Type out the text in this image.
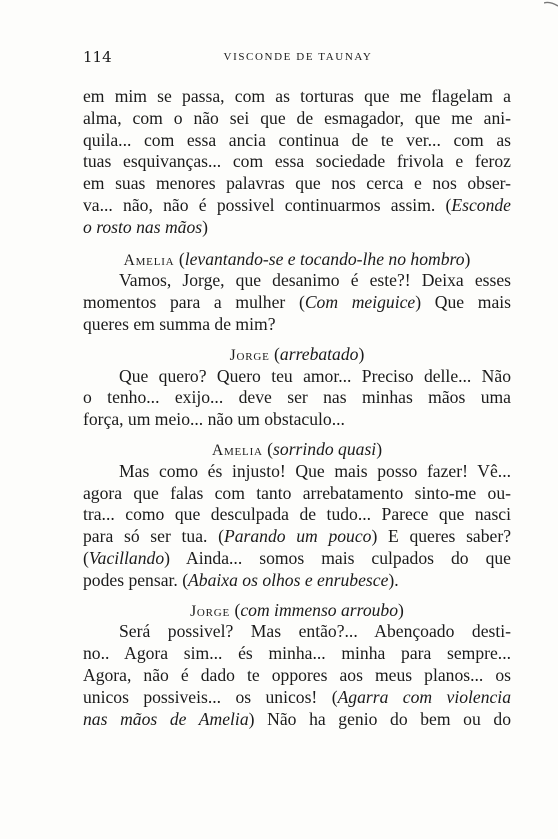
114	VISCONDE DE TAUNAY
em mim se passa, com as torturas que me flagelam a
alma, com o não sei que de esmagador, que me ani-
quila... com essa ancia continua de te ver... com as
tuas esquivanças... com essa sociedade frivola e feroz
em suas menores palavras que nos cerca e nos obser-
va... não, não é possivel continuarmos assim. (Esconde
o rosto nas mãos)
Amelia (levantando-se e tocando-lhe no hombro)
Vamos, Jorge, que desanimo é este?! Deixa esses
momentos para a mulher (Com meiguice) Que mais
queres em summa de mim?
Jorge (arrebatado)
Que quero? Quero teu amor... Preciso delle... Não
o tenho... exijo... deve ser nas minhas mãos uma
força, um meio... não um obstaculo...
Amelia (sorrindo quasi)
Mas como és injusto! Que mais posso fazer! Vê...
agora que falas com tanto arrebatamento sinto-me ou-
tra... como que desculpada de tudo... Parece que nasci
para só ser tua. (Parando um pouco) E queres saber?
(Vacillando) Ainda... somos mais culpados do que
podes pensar. (Abaixa os olhos e enrubesce).
Jorge (com immenso arroubo)
Será possivel? Mas então?... Abençoado desti-
no.. Agora sim... és minha... minha para sempre...
Agora, não é dado te oppores aos meus planos... os
unicos possiveis... os unicos! (Agarra com violencia
nas mãos de Amelia) Não ha genio do bem ou do
